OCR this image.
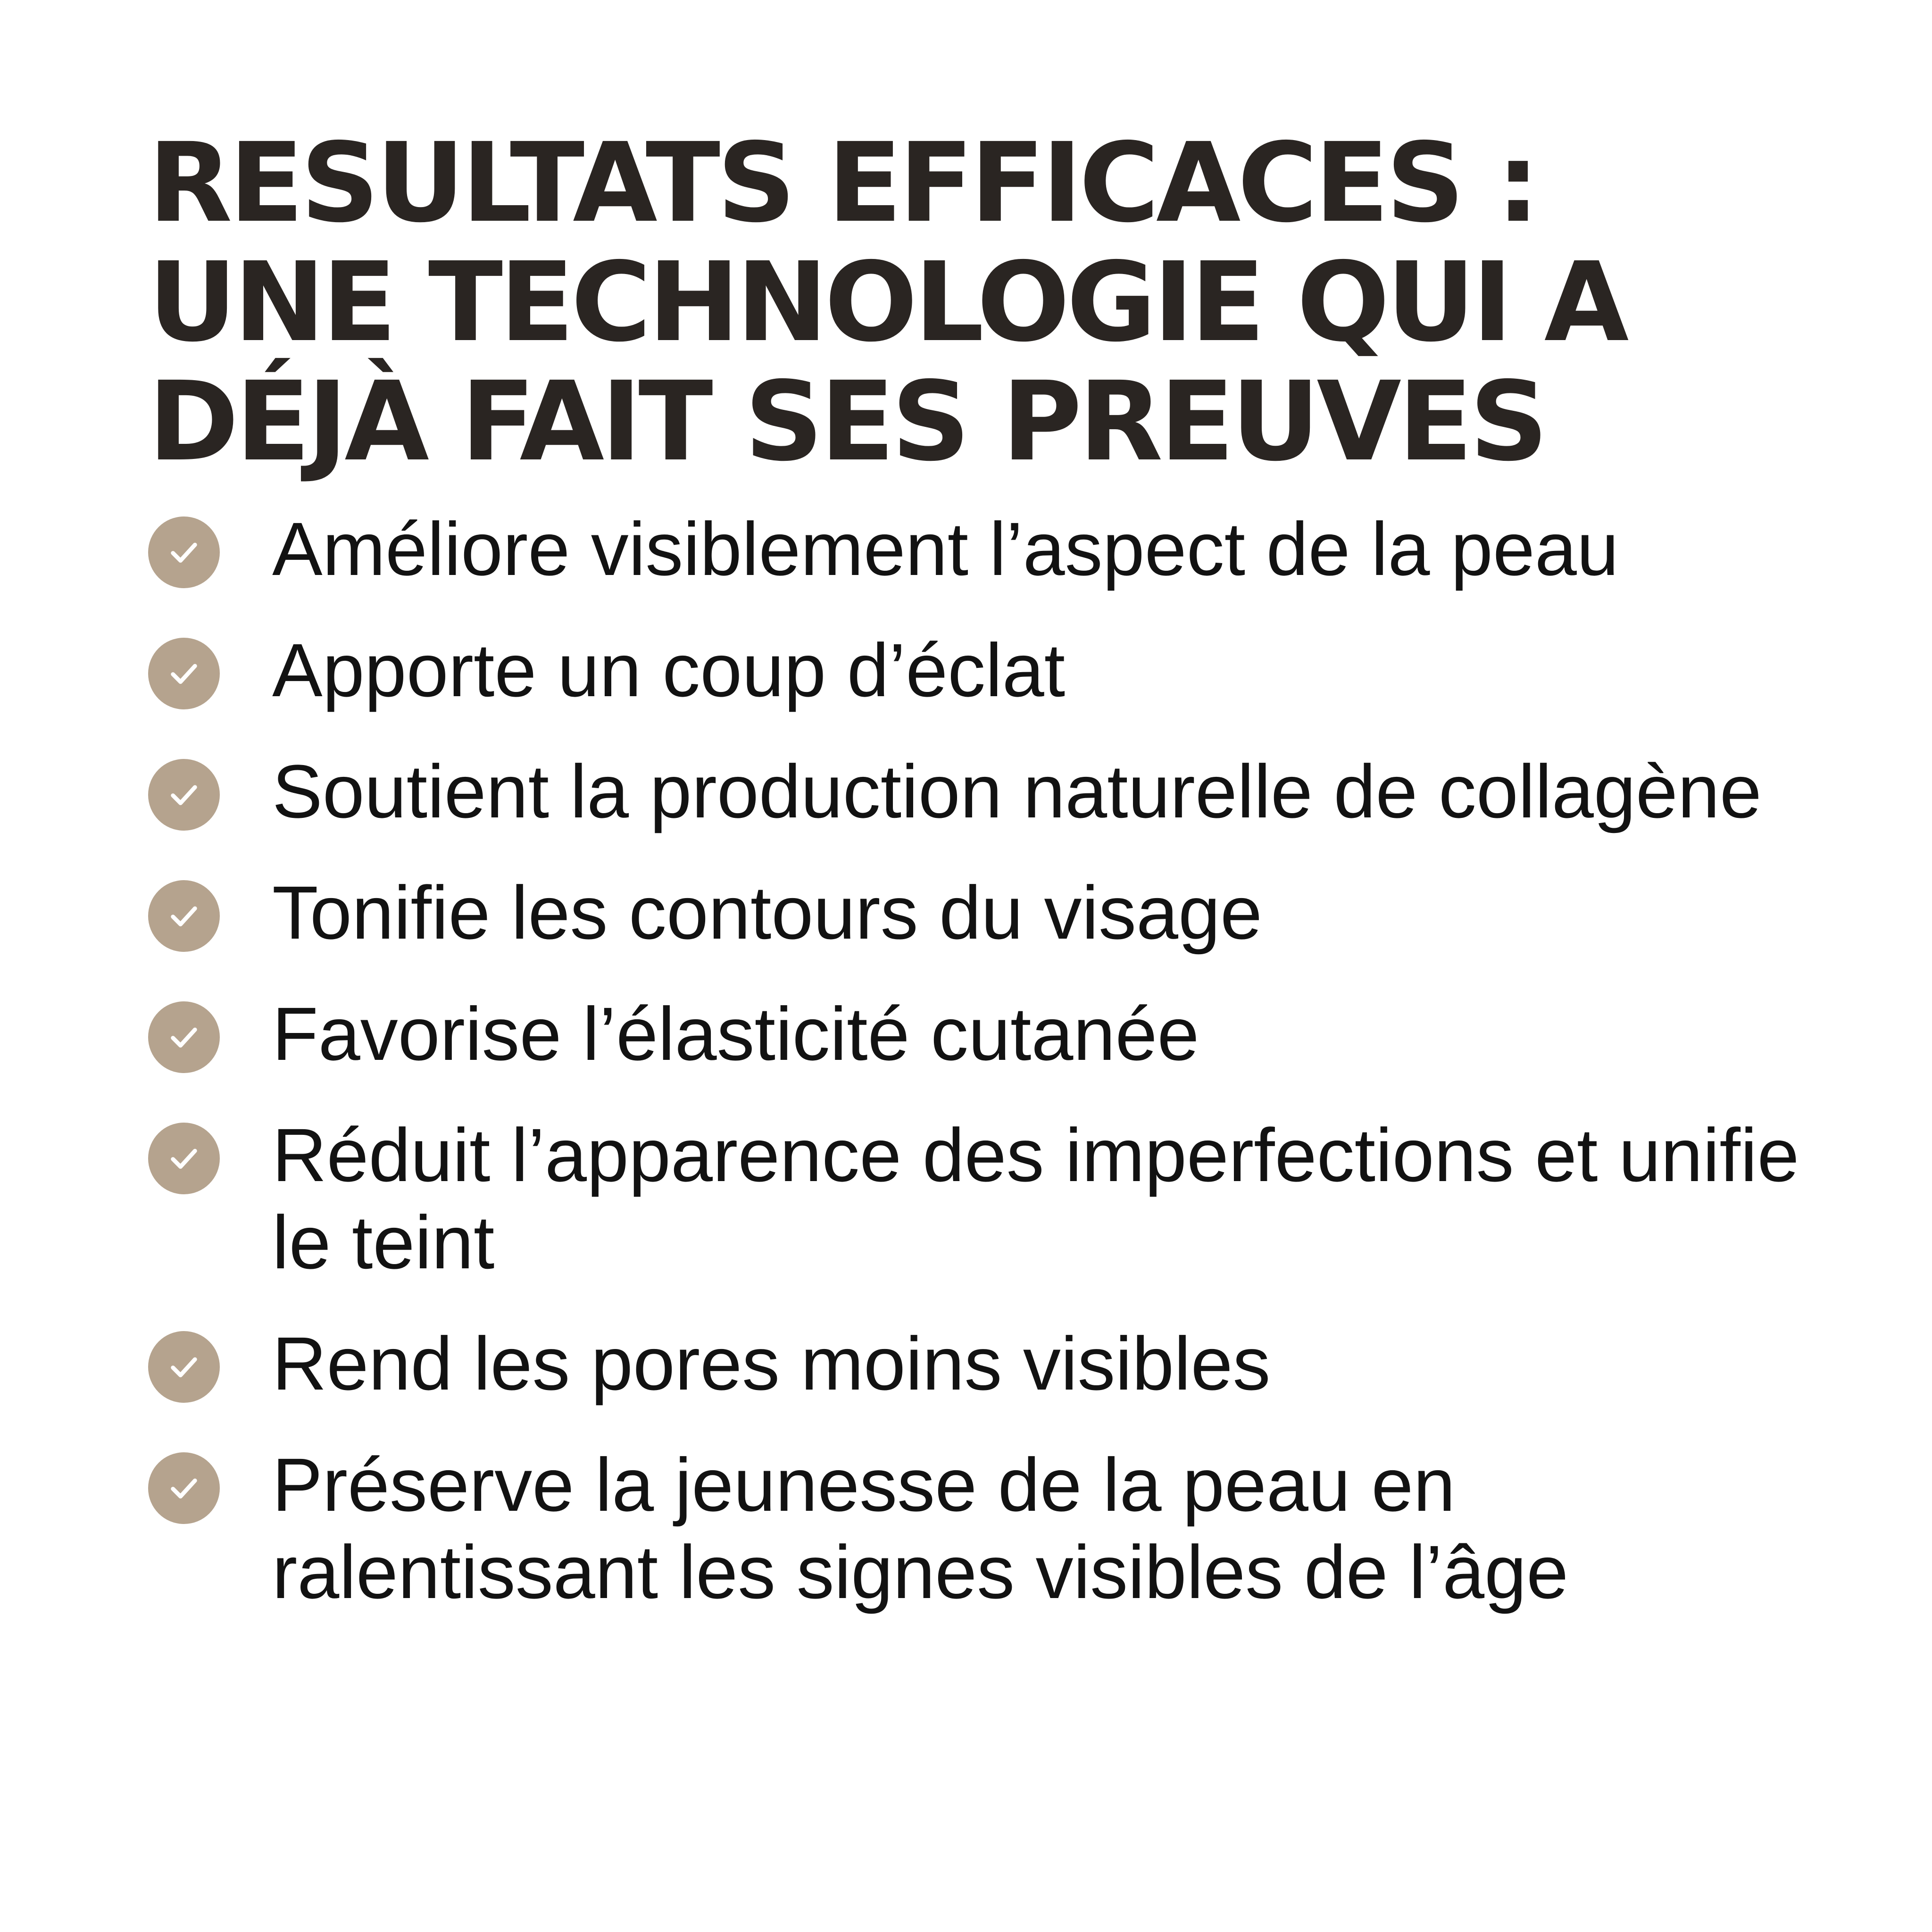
RESULTATS EFFICACES :
UNE TECHNOLOGIE QUI A
DÉJÀ FAIT SES PREUVES
Améliore visiblement l’aspect de la peau
Apporte un coup d’éclat
Soutient la production naturelle de collagène
Tonifie les contours du visage
Favorise l’élasticité cutanée
Réduit l’apparence des imperfections et unifie le teint
Rend les pores moins visibles
Préserve la jeunesse de la peau en ralentissant les signes visibles de l’âge
